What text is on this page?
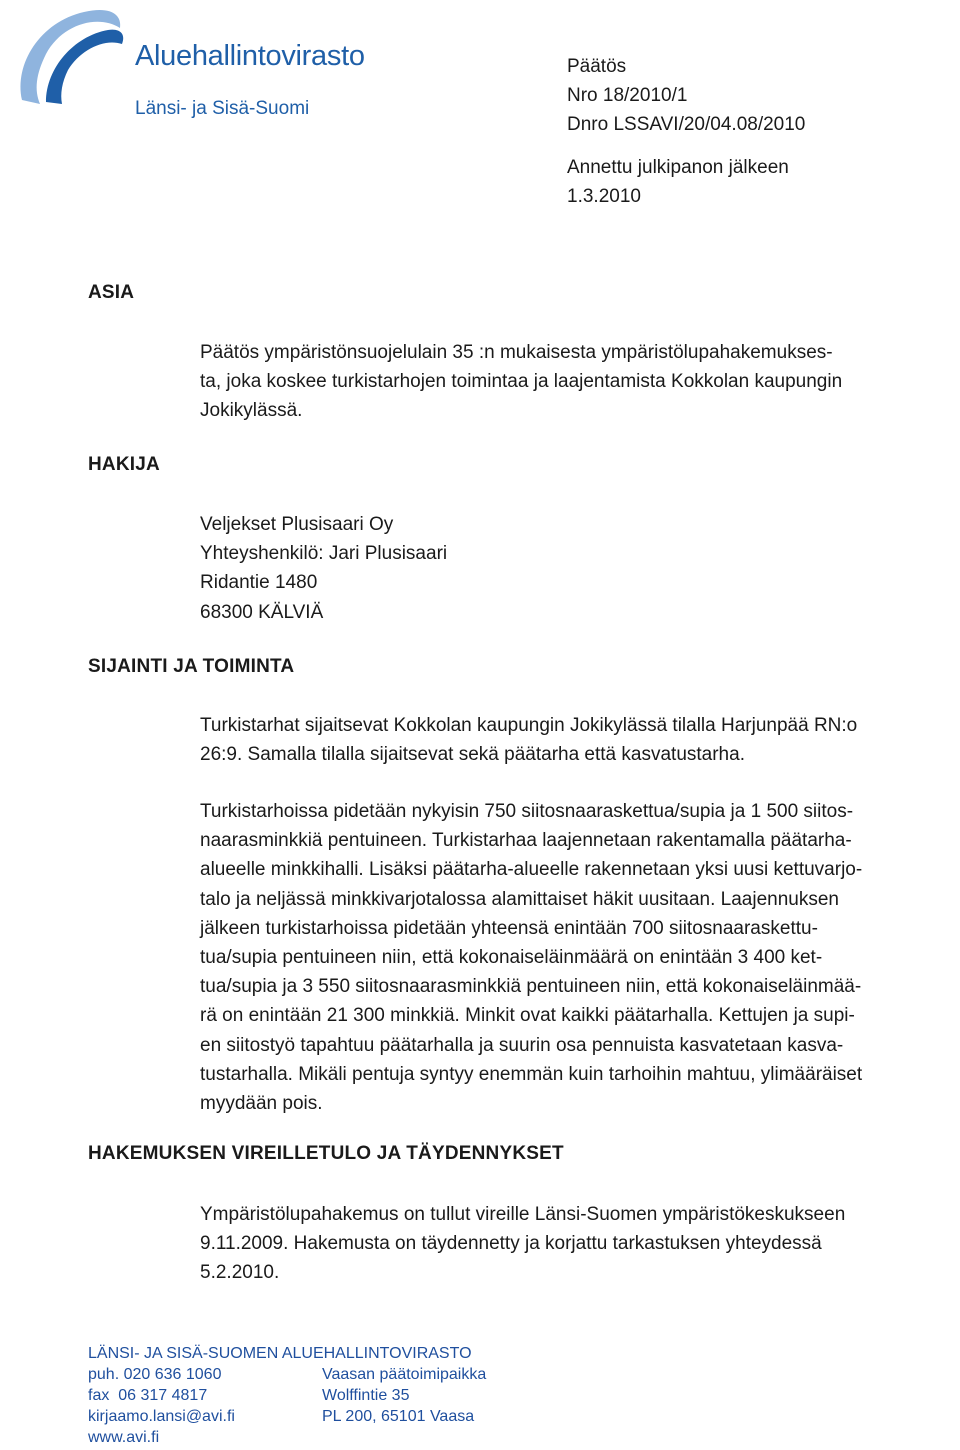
Aluehallintovirasto
Länsi- ja Sisä-Suomi
Päätös
Nro 18/2010/1
Dnro LSSAVI/20/04.08/2010
Annettu julkipanon jälkeen
1.3.2010
ASIA
Päätös ympäristönsuojelulain 35 :n mukaisesta ympäristölupahakemukses-
ta, joka koskee turkistarhojen toimintaa ja laajentamista Kokkolan kaupungin
Jokikylässä.
HAKIJA
Veljekset Plusisaari Oy
Yhteyshenkilö: Jari Plusisaari
Ridantie 1480
68300 KÄLVIÄ
SIJAINTI JA TOIMINTA
Turkistarhat sijaitsevat Kokkolan kaupungin Jokikylässä tilalla Harjunpää RN:o
26:9. Samalla tilalla sijaitsevat sekä päätarha että kasvatustarha.
Turkistarhoissa pidetään nykyisin 750 siitosnaaraskettua/supia ja 1 500 siitos-
naarasminkkiä pentuineen. Turkistarhaa laajennetaan rakentamalla päätarha-
alueelle minkkihalli. Lisäksi päätarha-alueelle rakennetaan yksi uusi kettuvarjo-
talo ja neljässä minkkivarjotalossa alamittaiset häkit uusitaan. Laajennuksen
jälkeen turkistarhoissa pidetään yhteensä enintään 700 siitosnaaraskettu-
tua/supia pentuineen niin, että kokonaiseläinmäärä on enintään 3 400 ket-
tua/supia ja 3 550 siitosnaarasminkkiä pentuineen niin, että kokonaiseläinmää-
rä on enintään 21 300 minkkiä. Minkit ovat kaikki päätarhalla. Kettujen ja supi-
en siitostyö tapahtuu päätarhalla ja suurin osa pennuista kasvatetaan kasva-
tustarhalla. Mikäli pentuja syntyy enemmän kuin tarhoihin mahtuu, ylimääräiset
myydään pois.
HAKEMUKSEN VIREILLETULO JA TÄYDENNYKSET
Ympäristölupahakemus on tullut vireille Länsi-Suomen ympäristökeskukseen
9.11.2009. Hakemusta on täydennetty ja korjattu tarkastuksen yhteydessä
5.2.2010.
LÄNSI- JA SISÄ-SUOMEN ALUEHALLINTOVIRASTO
puh. 020 636 1060
fax  06 317 4817
kirjaamo.lansi@avi.fi
www.avi.fi
Vaasan päätoimipaikka
Wolffintie 35
PL 200, 65101 Vaasa
